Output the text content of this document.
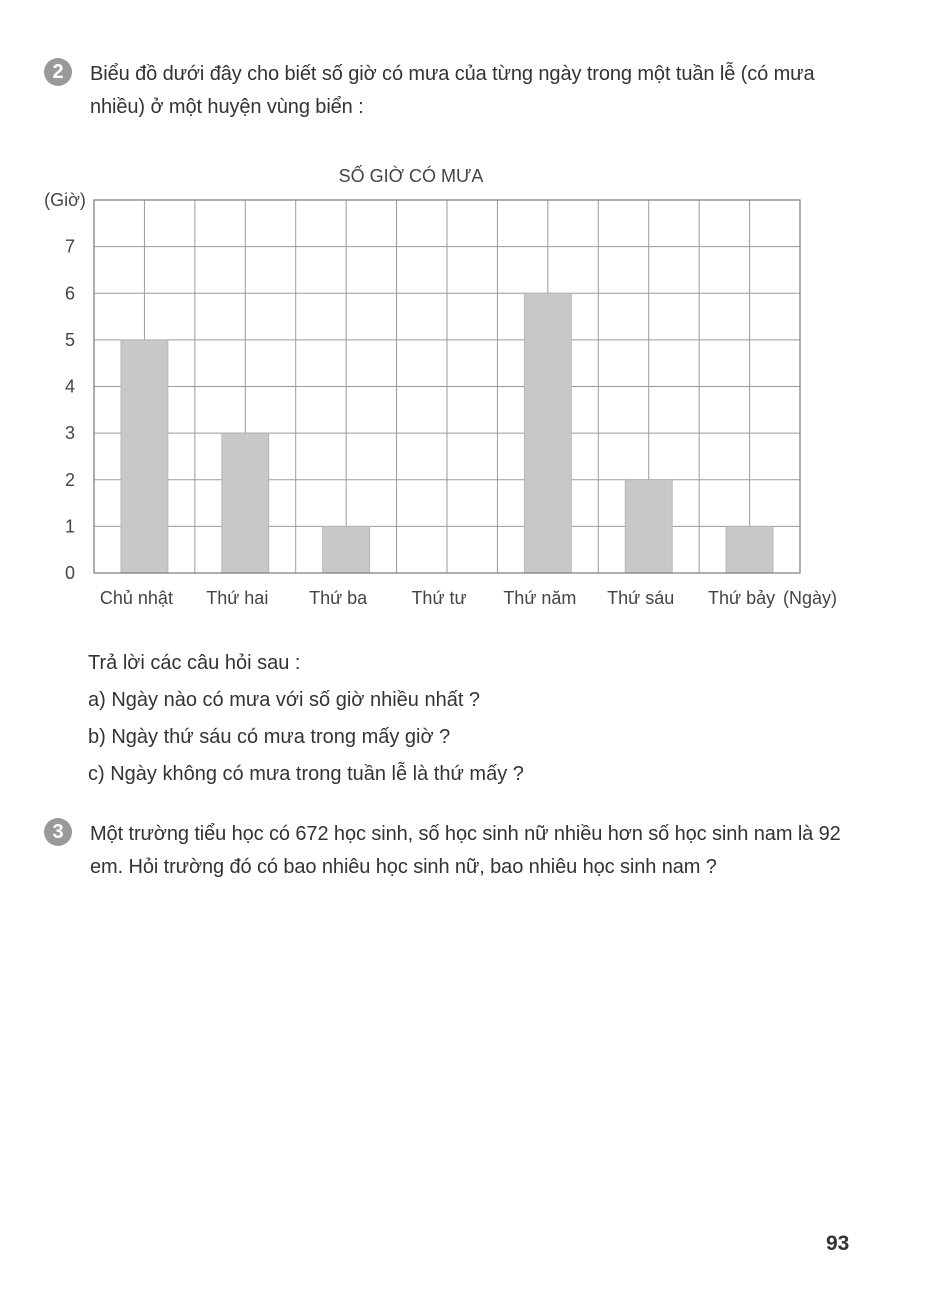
2	Biểu đồ dưới đây cho biết số giờ có mưa của từng ngày trong một tuần lễ (có mưa nhiều) ở một huyện vùng biển :
SỐ GIỜ CÓ MƯA
0
1
2
3
4
5
6
7
(Giờ)
Chủ nhật Thứ hai Thứ ba Thứ tư Thứ năm Thứ sáu Thứ bảy (Ngày)
Trả lời các câu hỏi sau :
a) Ngày nào có mưa với số giờ nhiều nhất ?
b) Ngày thứ sáu có mưa trong mấy giờ ?
c) Ngày không có mưa trong tuần lễ là thứ mấy ?
3	Một trường tiểu học có 672 học sinh, số học sinh nữ nhiều hơn số học sinh nam là 92 em. Hỏi trường đó có bao nhiêu học sinh nữ, bao nhiêu học sinh nam ?
93
